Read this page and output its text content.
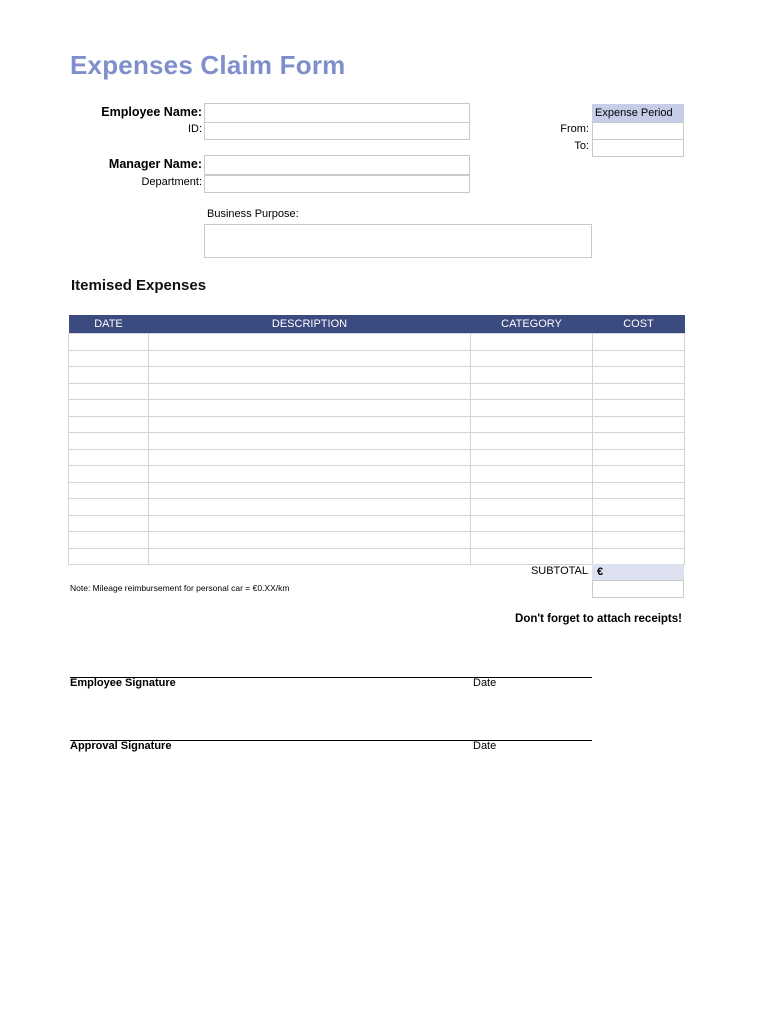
Expenses Claim Form
Employee Name:
ID:
Manager Name:
Department:
Business Purpose:
Expense Period
From:
To:
Itemised Expenses
DATE	DESCRIPTION	CATEGORY	COST

SUBTOTAL €
Note: Mileage reimbursement for personal car = €0.XX/km
Don't forget to attach receipts!
Employee Signature	Date
Approval Signature	Date
